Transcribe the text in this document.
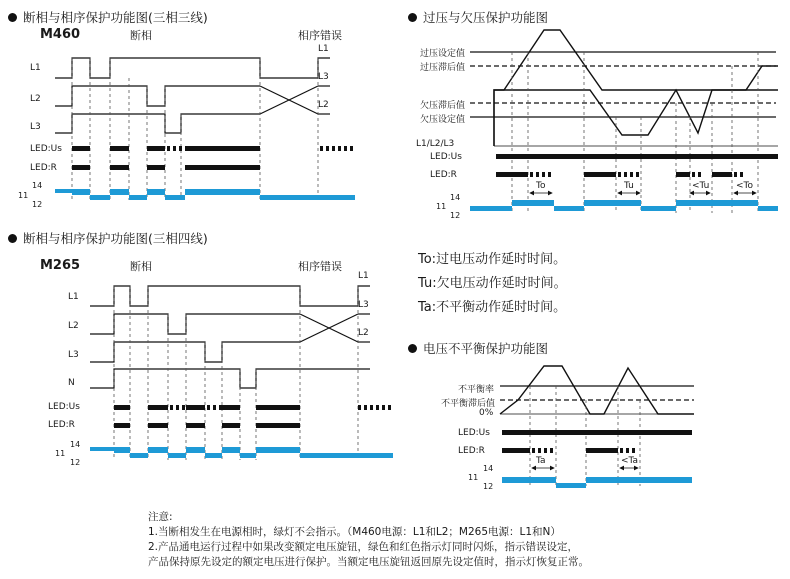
断相与相序保护功能图(三相三线)
M460	断相	相序错误
L1
L2
L3
LED:Us
LED:R
14
11
12
L1
L3
L2
断相与相序保护功能图(三相四线)
M265	断相	相序错误
L1
L2
L3
N
LED:Us
LED:R
14
11
12
L1
L3
L2
过压与欠压保护功能图
过压设定值
过压滞后值
欠压滞后值
欠压设定值
L1/L2/L3
LED:Us
LED:R
14
11
12
To	Tu	<Tu	<To
To:过电压动作延时时间。
Tu:欠电压动作延时时间。
Ta:不平衡动作延时时间。
电压不平衡保护功能图
不平衡率
不平衡滞后值
0%
LED:Us
LED:R
14
11
12
Ta	<Ta
注意:
1.当断相发生在电源相时，绿灯不会指示。（M460电源：L1和L2；M265电源：L1和N）
2.产品通电运行过程中如果改变额定电压旋钮，绿色和红色指示灯同时闪烁，指示错误设定，
产品保持原先设定的额定电压进行保护。当额定电压旋钮返回原先设定值时，指示灯恢复正常。
